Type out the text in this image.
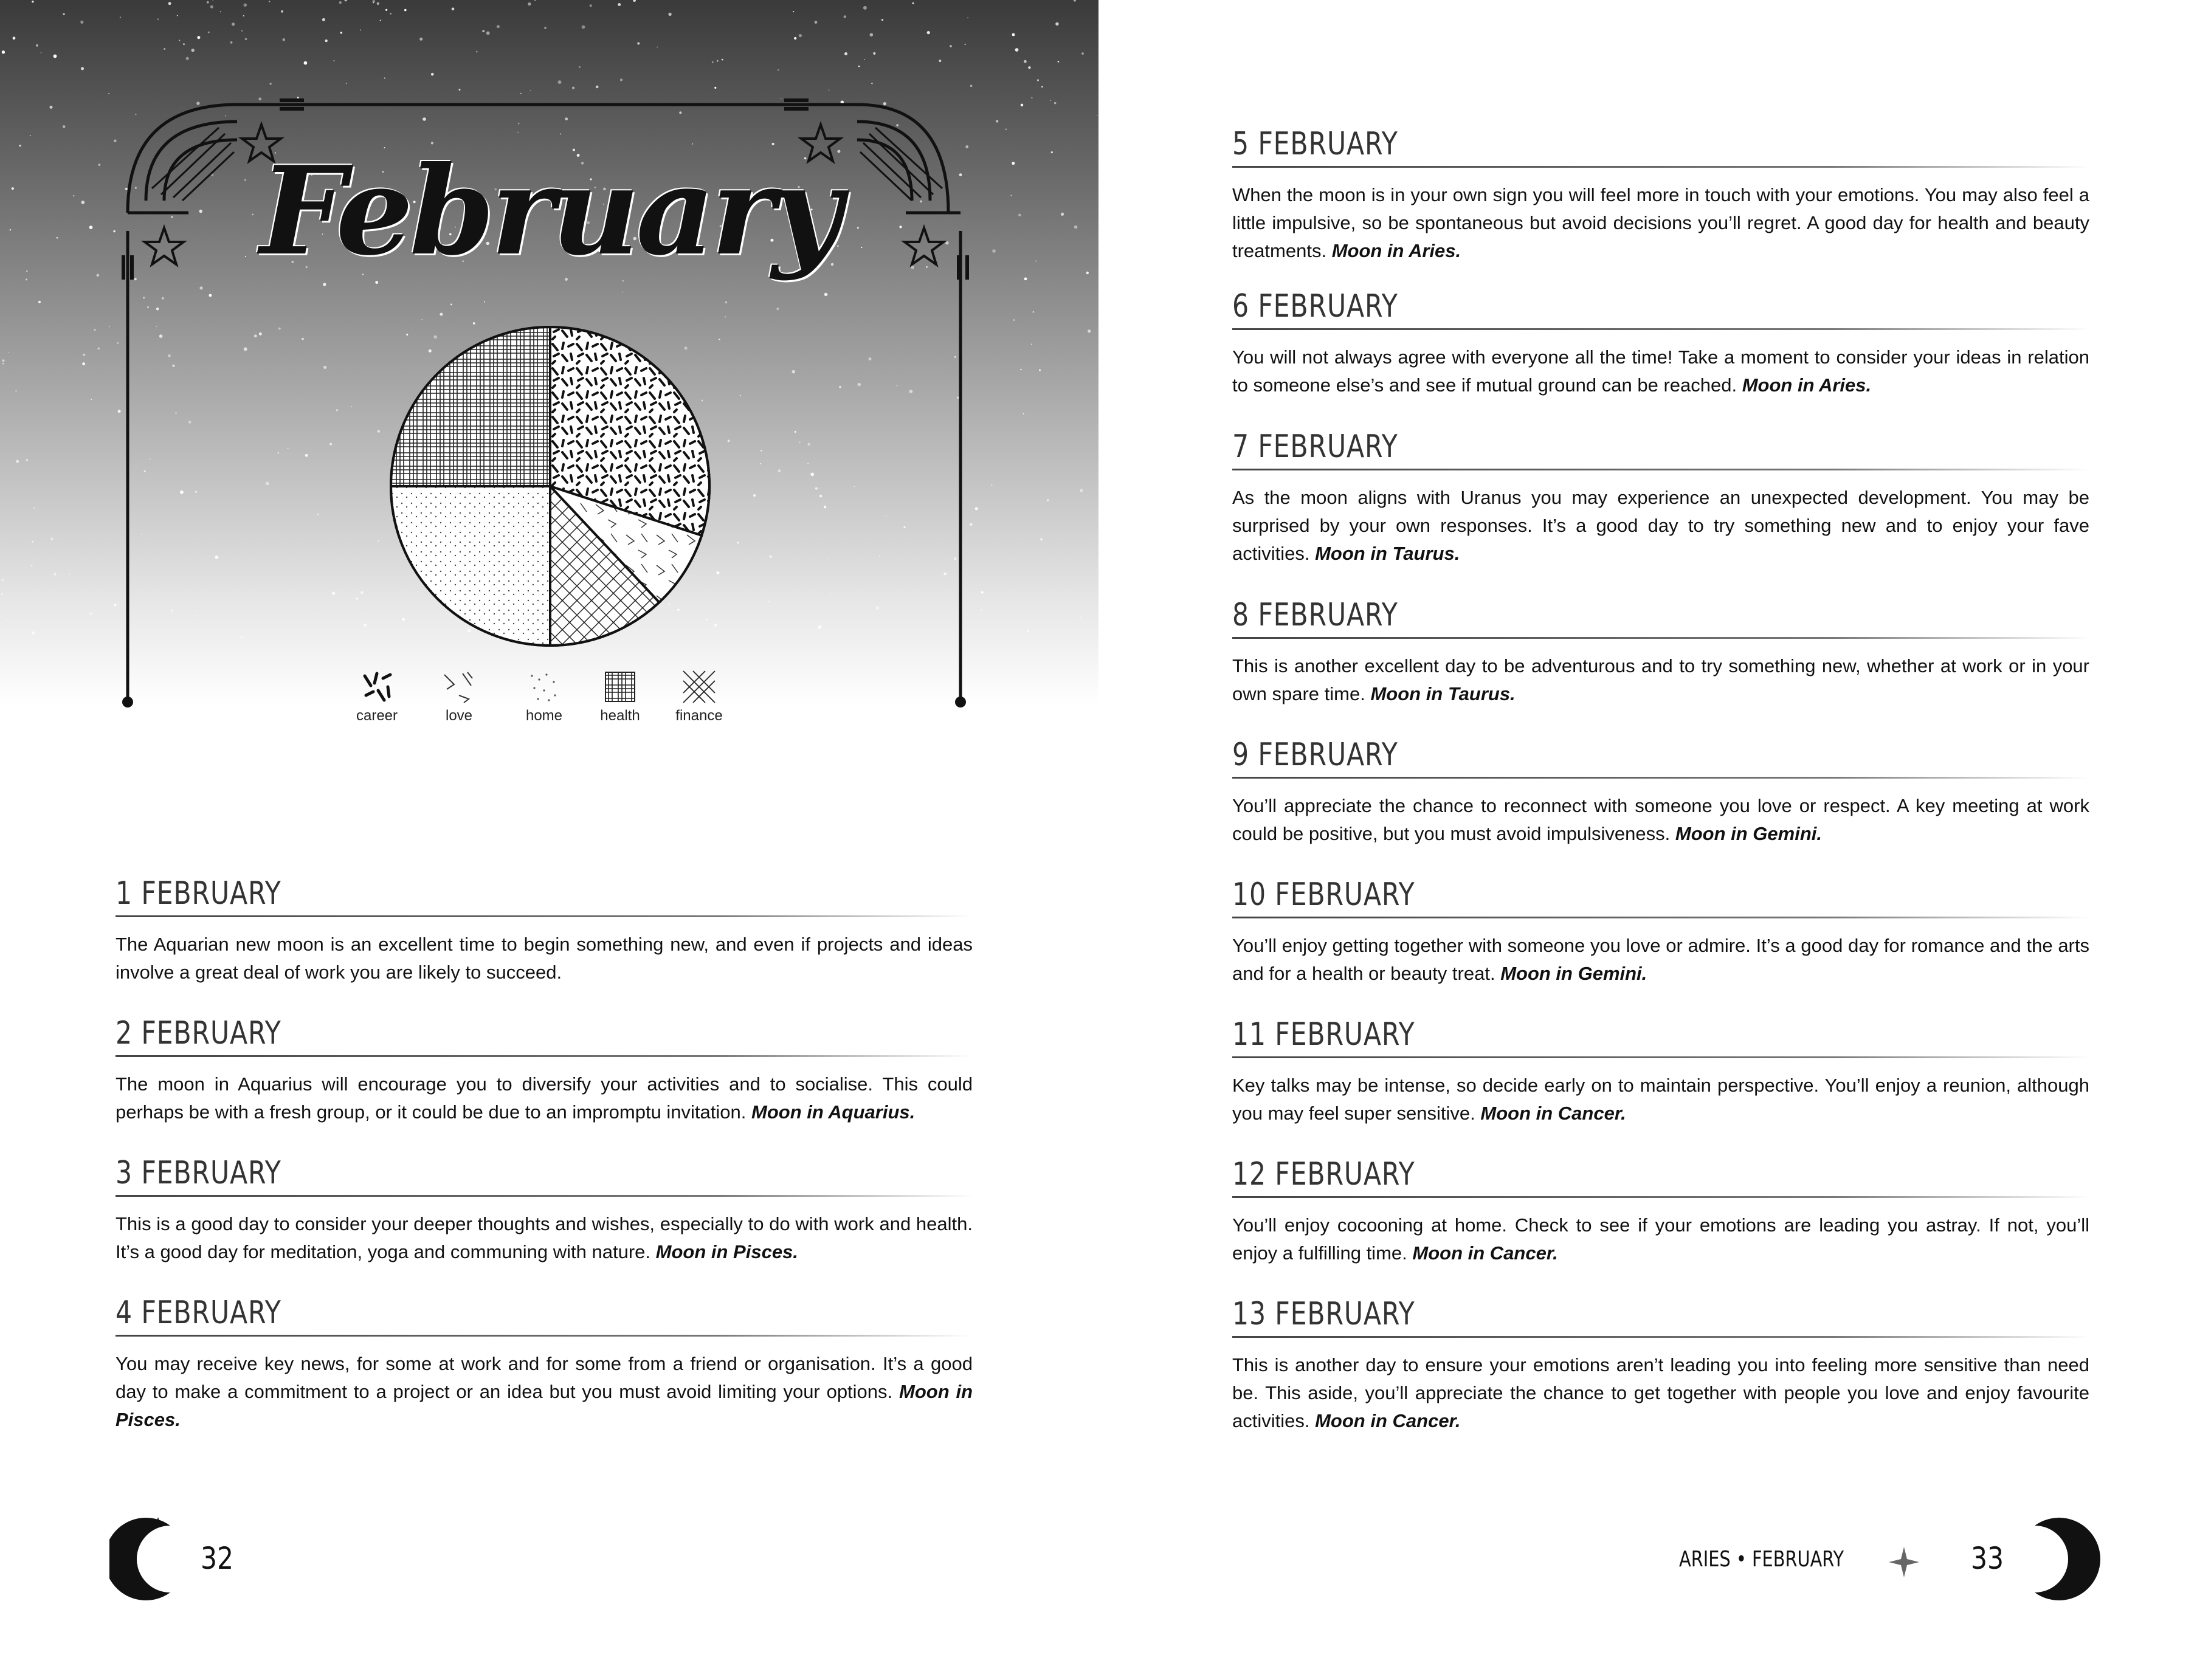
February
career	love	home	health	finance
1 FEBRUARY
The Aquarian new moon is an excellent time to begin something new, and even if projects and ideas involve a great deal of work you are likely to succeed.
2 FEBRUARY
The moon in Aquarius will encourage you to diversify your activities and to socialise. This could perhaps be with a fresh group, or it could be due to an impromptu invitation. Moon in Aquarius.
3 FEBRUARY
This is a good day to consider your deeper thoughts and wishes, especially to do with work and health. It’s a good day for meditation, yoga and communing with nature. Moon in Pisces.
4 FEBRUARY
You may receive key news, for some at work and for some from a friend or organisation. It’s a good day to make a commitment to a project or an idea but you must avoid limiting your options. Moon in Pisces.
32
5 FEBRUARY
When the moon is in your own sign you will feel more in touch with your emotions. You may also feel a little impulsive, so be spontaneous but avoid decisions you’ll regret. A good day for health and beauty treatments. Moon in Aries.
6 FEBRUARY
You will not always agree with everyone all the time! Take a moment to consider your ideas in relation to someone else’s and see if mutual ground can be reached. Moon in Aries.
7 FEBRUARY
As the moon aligns with Uranus you may experience an unexpected development. You may be surprised by your own responses. It’s a good day to try something new and to enjoy your fave activities. Moon in Taurus.
8 FEBRUARY
This is another excellent day to be adventurous and to try something new, whether at work or in your own spare time. Moon in Taurus.
9 FEBRUARY
You’ll appreciate the chance to reconnect with someone you love or respect. A key meeting at work could be positive, but you must avoid impulsiveness. Moon in Gemini.
10 FEBRUARY
You’ll enjoy getting together with someone you love or admire. It’s a good day for romance and the arts and for a health or beauty treat. Moon in Gemini.
11 FEBRUARY
Key talks may be intense, so decide early on to maintain perspective. You’ll enjoy a reunion, although you may feel super sensitive. Moon in Cancer.
12 FEBRUARY
You’ll enjoy cocooning at home. Check to see if your emotions are leading you astray. If not, you’ll enjoy a fulfilling time. Moon in Cancer.
13 FEBRUARY
This is another day to ensure your emotions aren’t leading you into feeling more sensitive than need be. This aside, you’ll appreciate the chance to get together with people you love and enjoy favourite activities. Moon in Cancer.
ARIES • FEBRUARY	33
